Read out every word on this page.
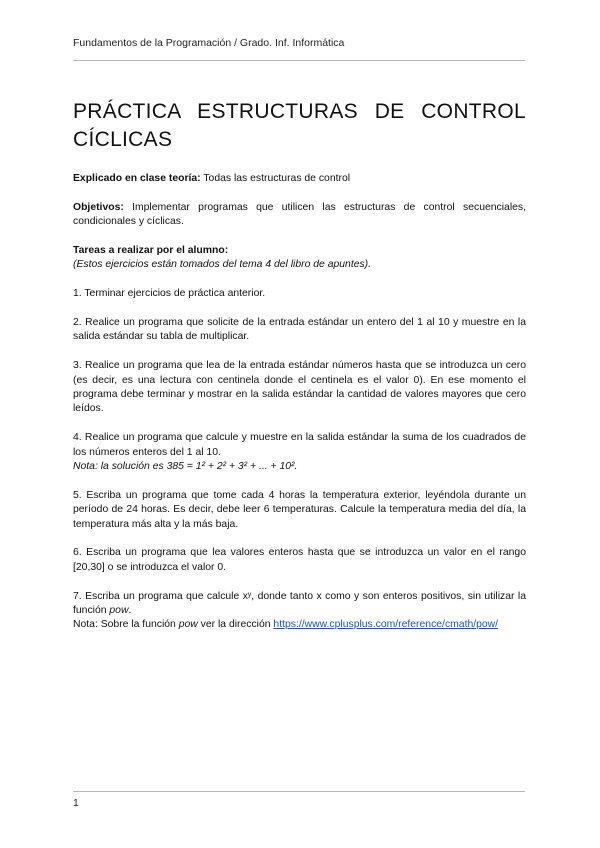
Fundamentos de la Programación / Grado. Inf. Informática
PRÁCTICA ESTRUCTURAS DE CONTROL CÍCLICAS

Explicado en clase teoría: Todas las estructuras de control

Objetivos: Implementar programas que utilicen las estructuras de control secuenciales, condicionales y cíclicas.

Tareas a realizar por el alumno:

(Estos ejercicios están tomados del tema 4 del libro de apuntes).

1. Terminar ejercicios de práctica anterior.

2. Realice un programa que solicite de la entrada estándar un entero del 1 al 10 y muestre en la salida estándar su tabla de multiplicar.

3. Realice un programa que lea de la entrada estándar números hasta que se introduzca un cero (es decir, es una lectura con centinela donde el centinela es el valor 0). En ese momento el programa debe terminar y mostrar en la salida estándar la cantidad de valores mayores que cero leídos.

4. Realice un programa que calcule y muestre en la salida estándar la suma de los cuadrados de los números enteros del 1 al 10.

Nota: la solución es 385 = 1² + 2² + 3² + ... + 10².

5. Escriba un programa que tome cada 4 horas la temperatura exterior, leyéndola durante un período de 24 horas. Es decir, debe leer 6 temperaturas. Calcule la temperatura media del día, la temperatura más alta y la más baja.

6. Escriba un programa que lea valores enteros hasta que se introduzca un valor en el rango [20,30] o se introduzca el valor 0.

7. Escriba un programa que calcule xʸ, donde tanto x como y son enteros positivos, sin utilizar la función pow.

Nota: Sobre la función pow ver la dirección https://www.cplusplus.com/reference/cmath/pow/

1
